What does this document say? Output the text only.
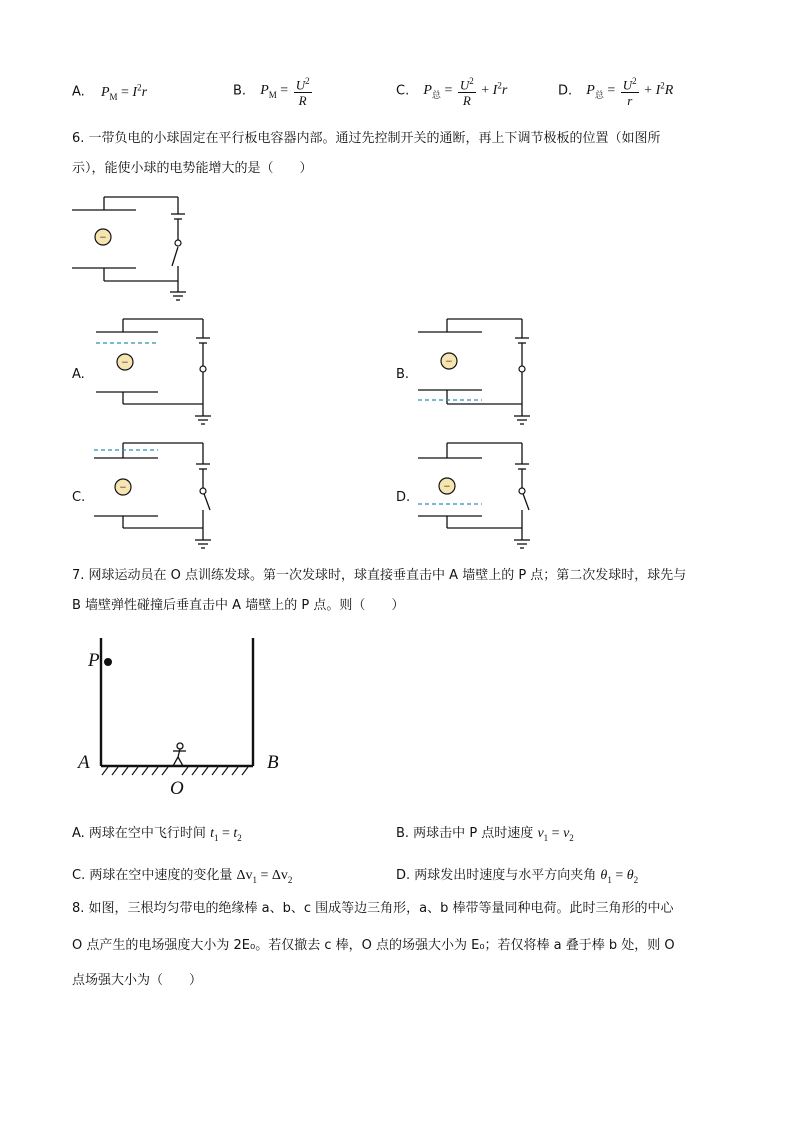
A. $P_M = I^2r$	B. $P_M = \frac{U^2}{R}$	C. $P_总 = \frac{U^2}{R} + I^2r$	D. $P_总 = \frac{U^2}{r} + I^2R$
6. 一带负电的小球固定在平行板电容器内部。通过先控制开关的通断，再上下调节极板的位置（如图所
示），能使小球的电势能增大的是（　　）
−
A.
−
B.
−
C.
−
D.
−
7. 网球运动员在 O 点训练发球。第一次发球时，球直接垂直击中 A 墙壁上的 P 点；第二次发球时，球先与
B 墙壁弹性碰撞后垂直击中 A 墙壁上的 P 点。则（　　）
P
A	B
O
A. 两球在空中飞行时间 $t_1 = t_2$	B. 两球击中 P 点时速度 $v_1 = v_2$
C. 两球在空中速度的变化量 $\Delta v_1 = \Delta v_2$	D. 两球发出时速度与水平方向夹角 $\theta_1 = \theta_2$
8. 如图，三根均匀带电的绝缘棒 a、b、c 围成等边三角形，a、b 棒带等量同种电荷。此时三角形的中心
O 点产生的电场强度大小为 2E₀。若仅撤去 c 棒，O 点的场强大小为 E₀；若仅将棒 a 叠于棒 b 处，则 O
点场强大小为（　　）
